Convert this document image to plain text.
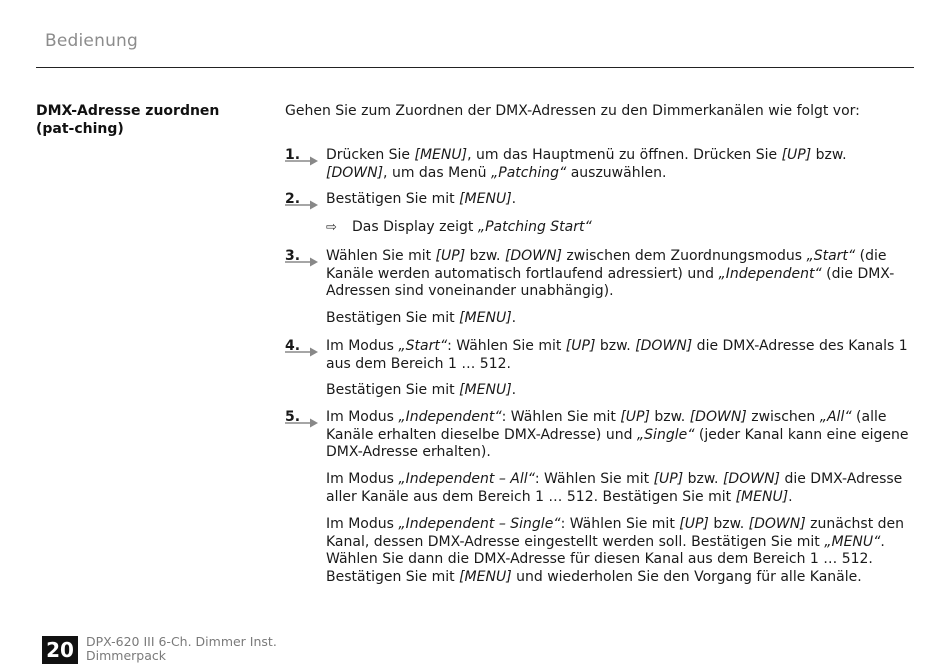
Bedienung
DMX-Adresse zuordnen (pat-ching)
Gehen Sie zum Zuordnen der DMX-Adressen zu den Dimmerkanälen wie folgt vor:
1. Drücken Sie [MENU], um das Hauptmenü zu öffnen. Drücken Sie [UP] bzw. [DOWN], um das Menü „Patching“ auszuwählen.
2. Bestätigen Sie mit [MENU].
⇨ Das Display zeigt „Patching Start“
3. Wählen Sie mit [UP] bzw. [DOWN] zwischen dem Zuordnungsmodus „Start“ (die Kanäle werden automatisch fortlaufend adressiert) und „Independent“ (die DMX-Adressen sind voneinander unabhängig).
Bestätigen Sie mit [MENU].
4. Im Modus „Start“: Wählen Sie mit [UP] bzw. [DOWN] die DMX-Adresse des Kanals 1 aus dem Bereich 1 … 512.
Bestätigen Sie mit [MENU].
5. Im Modus „Independent“: Wählen Sie mit [UP] bzw. [DOWN] zwischen „All“ (alle Kanäle erhalten dieselbe DMX-Adresse) und „Single“ (jeder Kanal kann eine eigene DMX-Adresse erhalten).
Im Modus „Independent – All“: Wählen Sie mit [UP] bzw. [DOWN] die DMX-Adresse aller Kanäle aus dem Bereich 1 … 512. Bestätigen Sie mit [MENU].
Im Modus „Independent – Single“: Wählen Sie mit [UP] bzw. [DOWN] zunächst den Kanal, dessen DMX-Adresse eingestellt werden soll. Bestätigen Sie mit „MENU“. Wählen Sie dann die DMX-Adresse für diesen Kanal aus dem Bereich 1 … 512. Bestätigen Sie mit [MENU] und wiederholen Sie den Vorgang für alle Kanäle.
20 DPX-620 III 6-Ch. Dimmer Inst.
Dimmerpack
